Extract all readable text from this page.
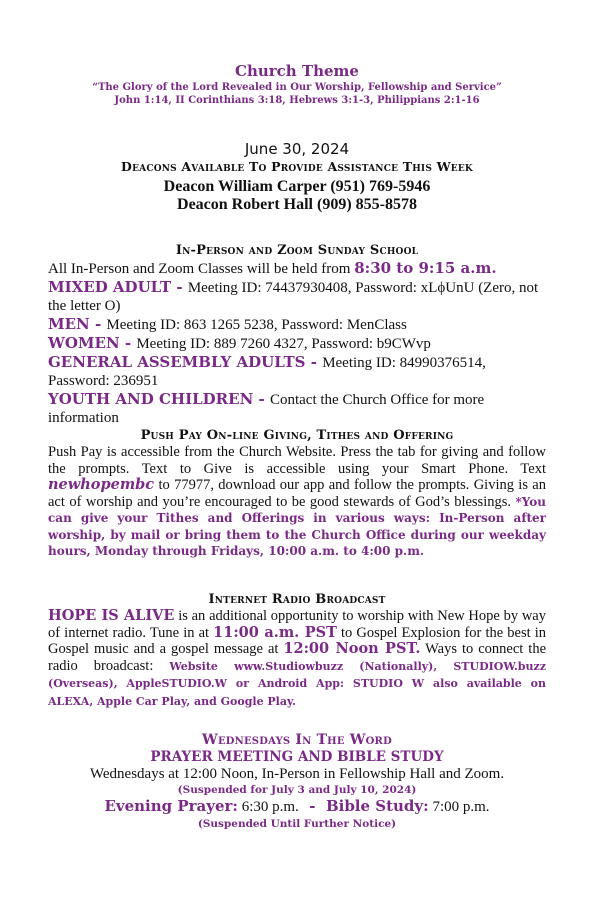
Church Theme

“The Glory of the Lord Revealed in Our Worship, Fellowship and Service”

John 1:14, II Corinthians 3:18, Hebrews 3:1-3, Philippians 2:1-16

June 30, 2024

Deacons Available To Provide Assistance This Week

Deacon William Carper (951) 769-5946

Deacon Robert Hall (909) 855-8578

In-Person and Zoom Sunday School

All In-Person and Zoom Classes will be held from 8:30 to 9:15 a.m.

MIXED ADULT - Meeting ID: 74437930408, Password: xLϕUnU (Zero, not the letter O)

MEN - Meeting ID: 863 1265 5238, Password: MenClass

WOMEN - Meeting ID: 889 7260 4327, Password: b9CWvp

GENERAL ASSEMBLY ADULTS - Meeting ID: 84990376514, Password: 236951

YOUTH AND CHILDREN - Contact the Church Office for more information

Push Pay On-line Giving, Tithes and Offering

Push Pay is accessible from the Church Website. Press the tab for giving and follow the prompts. Text to Give is accessible using your Smart Phone. Text newhopembc to 77977, download our app and follow the prompts. Giving is an act of worship and you’re encouraged to be good stewards of God’s blessings. *You can give your Tithes and Offerings in various ways: In-Person after worship, by mail or bring them to the Church Office during our weekday hours, Monday through Fridays, 10:00 a.m. to 4:00 p.m.

Internet Radio Broadcast

HOPE IS ALIVE is an additional opportunity to worship with New Hope by way of internet radio. Tune in at 11:00 a.m. PST to Gospel Explosion for the best in Gospel music and a gospel message at 12:00 Noon PST. Ways to connect the radio broadcast: Website www.Studiowbuzz (Nationally), STUDIOW.buzz (Overseas), AppleSTUDIO.W or Android App: STUDIO W also available on ALEXA, Apple Car Play, and Google Play.

Wednesdays In The Word

PRAYER MEETING AND BIBLE STUDY

Wednesdays at 12:00 Noon, In-Person in Fellowship Hall and Zoom.

(Suspended for July 3 and July 10, 2024)

Evening Prayer: 6:30 p.m.  -  Bible Study: 7:00 p.m.

(Suspended Until Further Notice)
